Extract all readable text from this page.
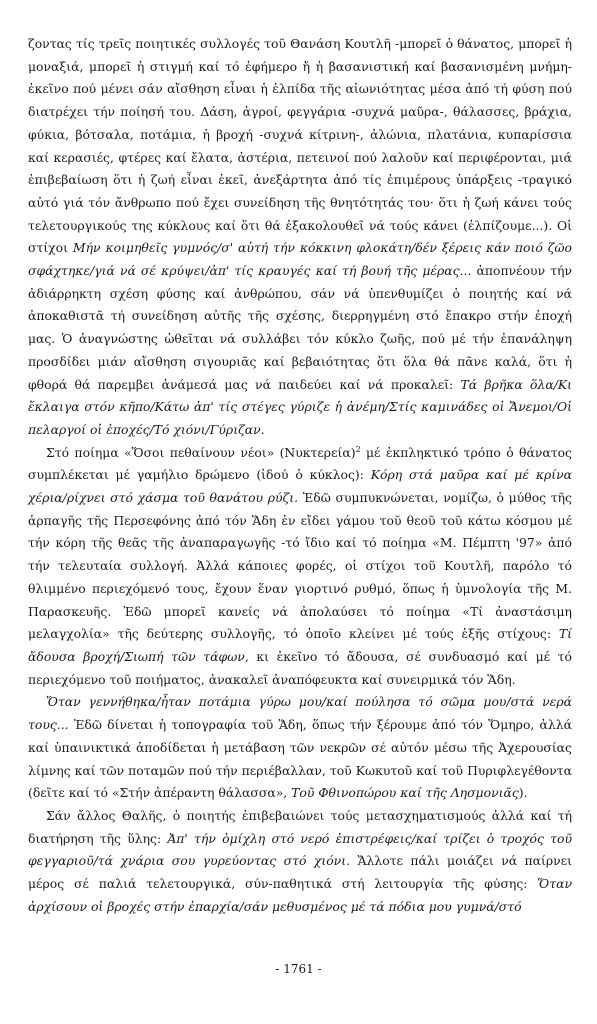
ζοντας τίς τρεῖς ποιητικές συλλογές τοῦ Θανάση Κουτλῆ -μπορεῖ ὁ θάνατος, μπορεῖ ἡ μοναξιά, μπορεῖ ἡ στιγμή καί τό ἐφήμερο ἤ ἡ βασανιστική καί βασανισμένη μνήμη- ἐκεῖνο πού μένει σάν αἴσθηση εἶναι ἡ ἐλπίδα τῆς αἰωνιότητας μέσα ἀπό τή φύση πού διατρέχει τήν ποίησή του. Δάση, ἀγροί, φεγγάρια -συχνά μαῦρα-, θάλασσες, βράχια, φύκια, βότσαλα, ποτάμια, ἡ βροχή -συχνά κίτρινη-, ἀλώνια, πλατάνια, κυπαρίσσια καί κερασιές, φτέρες καί ἔλατα, ἀστέρια, πετεινοί πού λαλοῦν καί περιφέρονται, μιά ἐπιβεβαίωση ὅτι ἡ ζωή εἶναι ἐκεῖ, ἀνεξάρτητα ἀπό τίς ἐπιμέρους ὑπάρξεις -τραγικό αὐτό γιά τόν ἄνθρωπο πού ἔχει συνείδηση τῆς θνητότητάς του· ὅτι ἡ ζωή κάνει τούς τελετουργικούς της κύκλους καί ὅτι θά ἐξακολουθεῖ νά τούς κάνει (ἐλπίζουμε...). Οἱ στίχοι Μήν κοιμηθεῖς γυμνός/σ' αὐτή τήν κόκκινη φλοκάτη/δέν ξέρεις κάν ποιό ζῶο σφάχτηκε/γιά νά σέ κρύψει/ἀπ' τίς κραυγές καί τή βουή τῆς μέρας... ἀποπνέουν τήν ἀδιάρρηκτη σχέση φύσης καί ἀνθρώπου, σάν νά ὑπενθυμίζει ὁ ποιητής καί νά ἀποκαθιστᾶ τή συνείδηση αὐτῆς τῆς σχέσης, διερρηγμένη στό ἔπακρο στήν ἐποχή μας. Ὁ ἀναγνώστης ὠθεῖται νά συλλάβει τόν κύκλο ζωῆς, πού μέ τήν ἐπανάληψη προσδίδει μιάν αἴσθηση σιγουριᾶς καί βεβαιότητας ὅτι ὅλα θά πᾶνε καλά, ὅτι ἡ φθορά θά παρεμβει ἀνάμεσά μας νά παιδεύει καί νά προκαλεῖ: Τά βρῆκα ὅλα/Κι ἔκλαιγα στόν κῆπο/Κάτω ἀπ' τίς στέγες γύριζε ἡ ἀνέμη/Στίς καμινάδες οἱ Ἄνεμοι/Οἱ πελαργοί οἱ ἐποχές/Τό χιόνι/Γύριζαν.

Στό ποίημα «Ὅσοι πεθαίνουν νέοι» $(N\upsilon\kappa\tau\varepsilon\rho\varepsilon ί\alpha)^2$ μέ ἐκπληκτικό τρόπο ὁ θάνατος συμπλέκεται μέ γαμήλιο δρώμενο (ἰδού ὁ κύκλος): Κόρη στά μαῦρα καί μέ κρίνα χέρια/ρίχνει στό χάσμα τοῦ θανάτου ρύζι. Ἐδῶ συμπυκνώνεται, νομίζω, ὁ μύθος τῆς ἁρπαγῆς τῆς Περσεφόνης ἀπό τόν Ἅδη ἐν εἴδει γάμου τοῦ θεοῦ τοῦ κάτω κόσμου μέ τήν κόρη τῆς θεᾶς τῆς ἀναπαραγωγῆς -τό ἴδιο καί τό ποίημα «Μ. Πέμπτη '97» ἀπό τήν τελευταία συλλογή. Ἀλλά κάποιες φορές, οἱ στίχοι τοῦ Κουτλῆ, παρόλο τό θλιμμένο περιεχόμενό τους, ἔχουν ἕναν γιορτινό ρυθμό, ὅπως ἡ ὑμνολογία τῆς Μ. Παρασκευῆς. Ἐδῶ μπορεῖ κανείς νά ἀπολαύσει τό ποίημα «Τί ἀναστάσιμη μελαγχολία» τῆς δεύτερης συλλογῆς, τό ὁποῖο κλείνει μέ τούς ἑξῆς στίχους: Τί ἄδουσα βροχή/Σιωπή τῶν τάφων, κι ἐκεῖνο τό ἄδουσα, σέ συνδυασμό καί μέ τό περιεχόμενο τοῦ ποιήματος, ἀνακαλεῖ ἀναπόφευκτα καί συνειρμικά τόν Ἅδη.

Ὅταν γεννήθηκα/ἦταν ποτάμια γύρω μου/καί πούλησα τό σῶμα μου/στά νερά τους... Ἐδῶ δίνεται ἡ τοπογραφία τοῦ Ἅδη, ὅπως τήν ξέρουμε ἀπό τόν Ὅμηρο, ἀλλά καί ὑπαινικτικά ἀποδίδεται ἡ μετάβαση τῶν νεκρῶν σέ αὐτόν μέσω τῆς Ἀχερουσίας λίμνης καί τῶν ποταμῶν πού τήν περιέβαλλαν, τοῦ Κωκυτοῦ καί τοῦ Πυριφλεγέθοντα (δεῖτε καί τό «Στήν ἀπέραντη θάλασσα», Τοῦ Φθινοπώρου καί τῆς Λησμονιᾶς).

Σάν ἄλλος Θαλῆς, ὁ ποιητής ἐπιβεβαιώνει τούς μετασχηματισμούς ἀλλά καί τή διατήρηση τῆς ὕλης: Ἀπ' τήν ὁμίχλη στό νερό ἐπιστρέφεις/καί τρίζει ὁ τροχός τοῦ φεγγαριοῦ/τά χνάρια σου γυρεύοντας στό χιόνι. Ἄλλοτε πάλι μοιάζει νά παίρνει μέρος σέ παλιά τελετουργικά, σύν-παθητικά στή λειτουργία τῆς φύσης: Ὅταν ἀρχίσουν οἱ βροχές στήν ἐπαρχία/σάν μεθυσμένος μέ τά πόδια μου γυμνά/στό

- 1761 -
